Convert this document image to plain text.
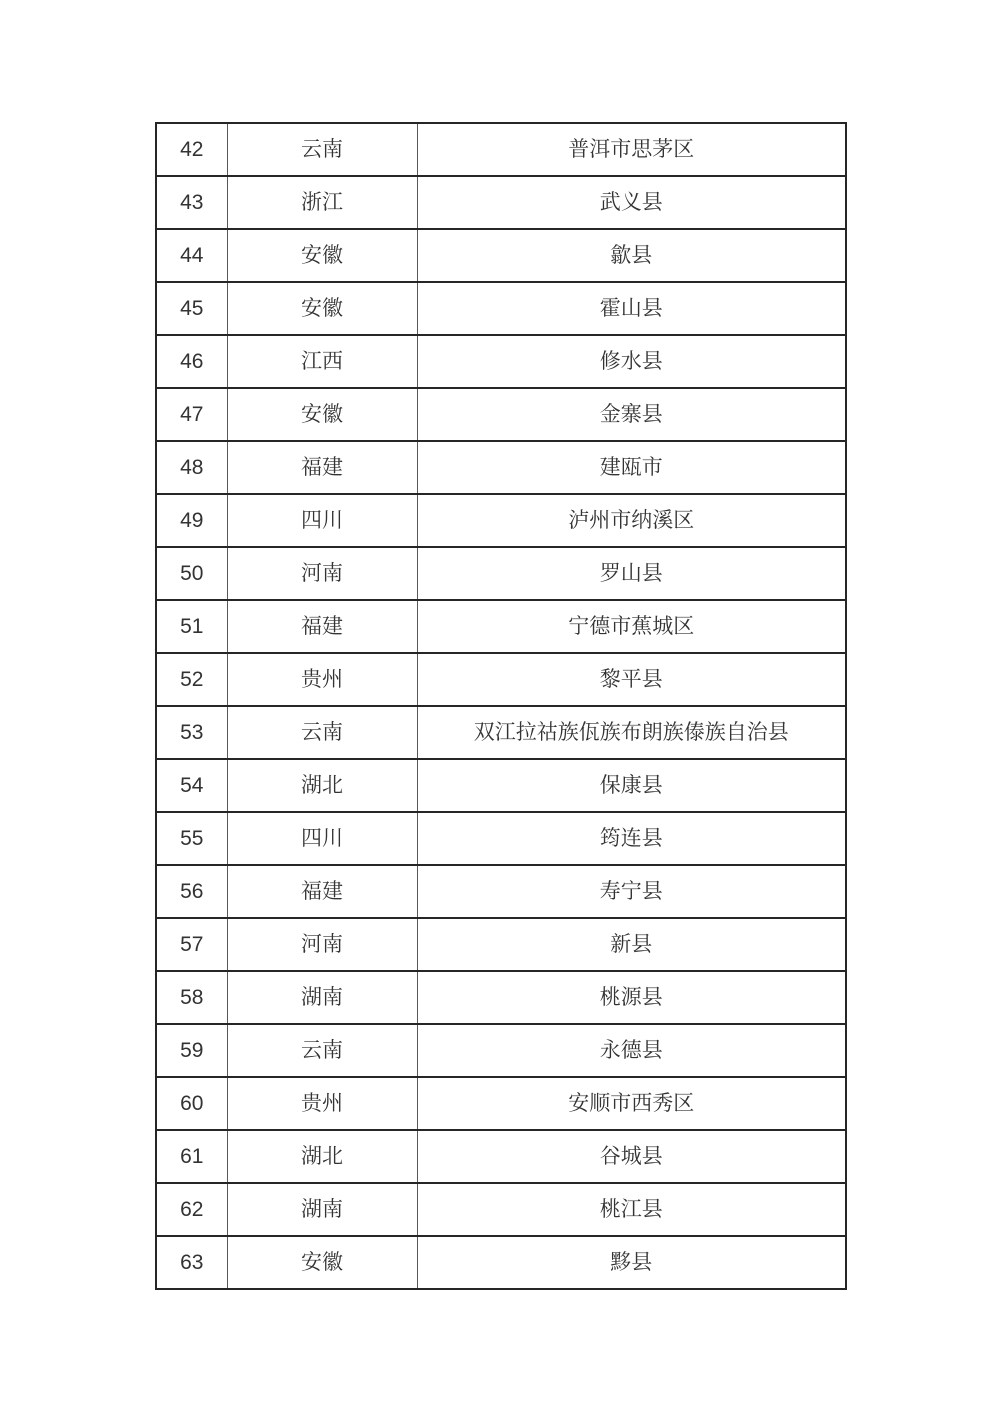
42	云南	普洱市思茅区
43	浙江	武义县
44	安徽	歙县
45	安徽	霍山县
46	江西	修水县
47	安徽	金寨县
48	福建	建瓯市
49	四川	泸州市纳溪区
50	河南	罗山县
51	福建	宁德市蕉城区
52	贵州	黎平县
53	云南	双江拉祜族佤族布朗族傣族自治县
54	湖北	保康县
55	四川	筠连县
56	福建	寿宁县
57	河南	新县
58	湖南	桃源县
59	云南	永德县
60	贵州	安顺市西秀区
61	湖北	谷城县
62	湖南	桃江县
63	安徽	黟县
